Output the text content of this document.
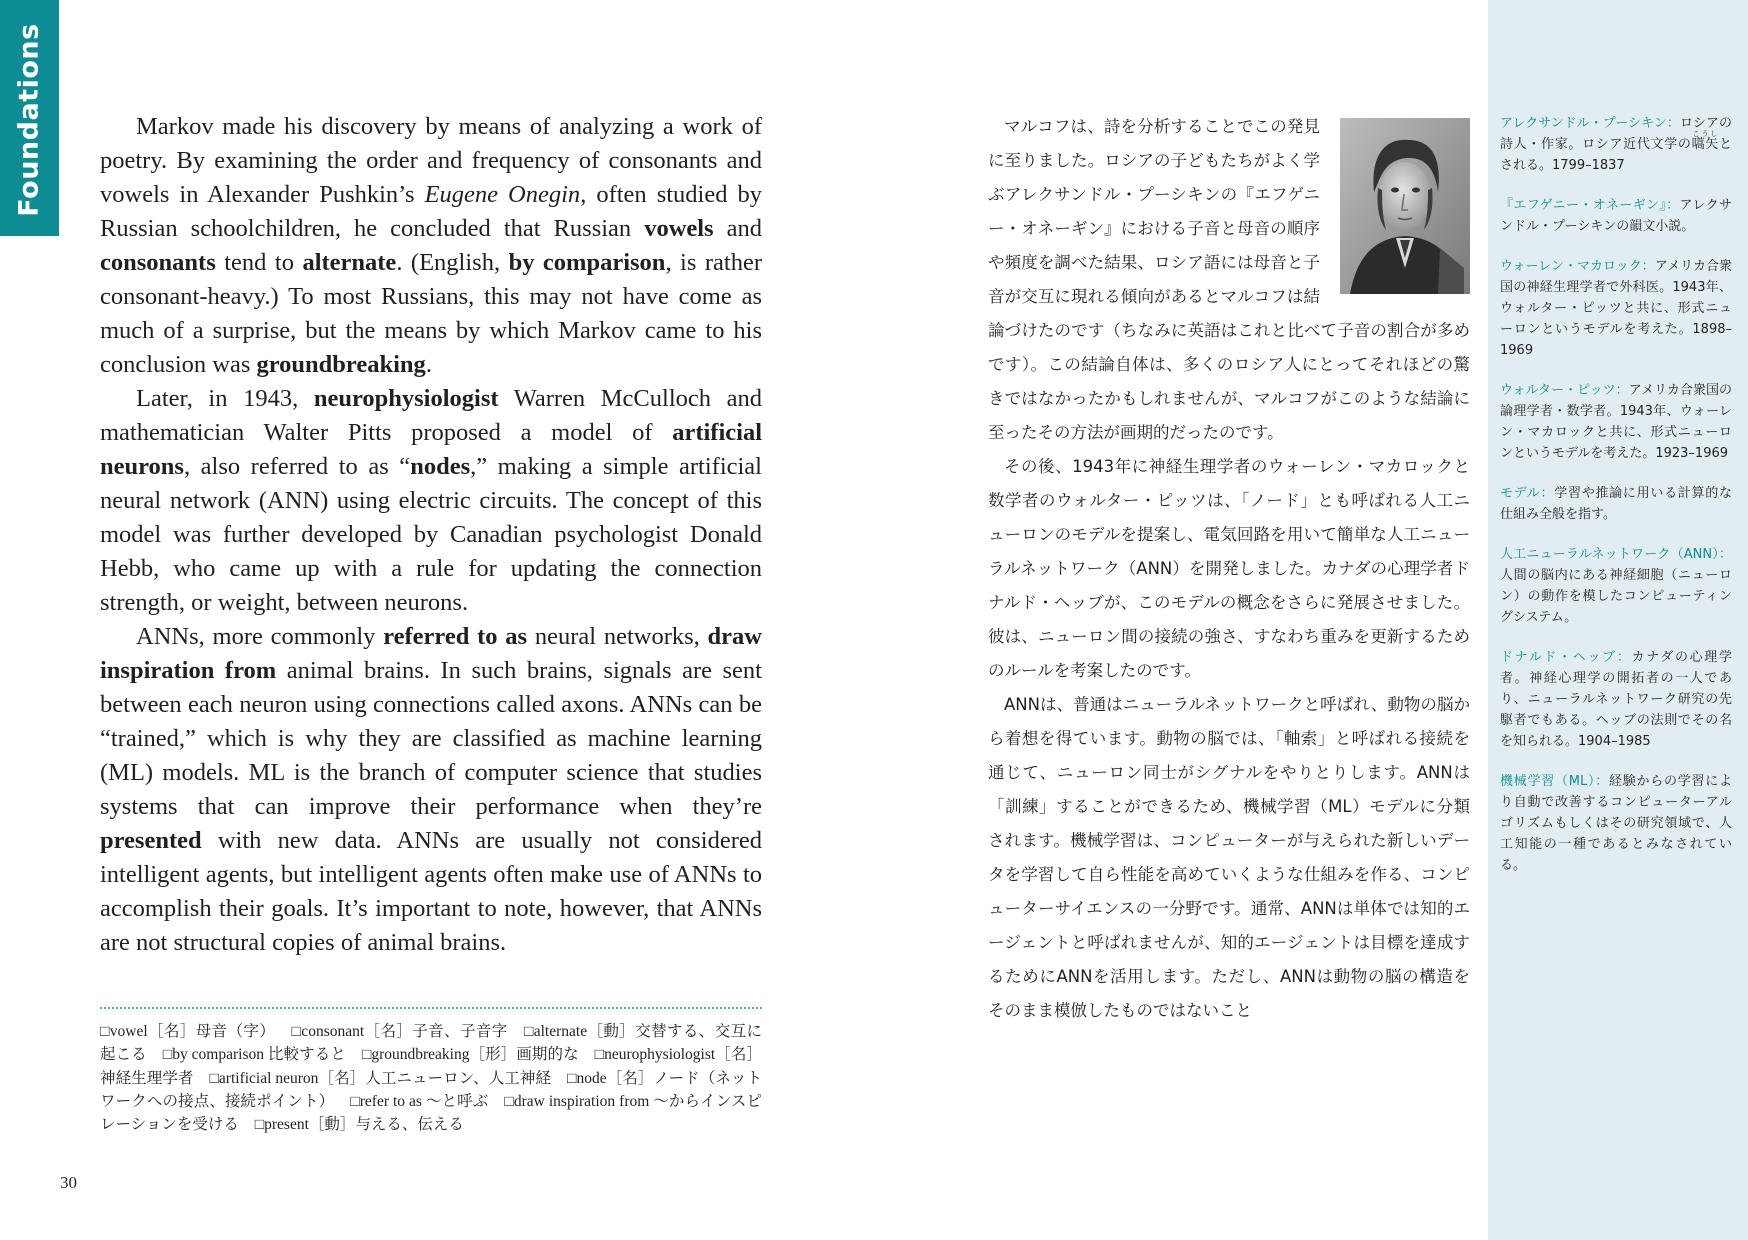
Foundations	Markov made his discovery by means of analyzing a work of poetry. By examining the order and frequency of consonants and vowels in Alexander Pushkin’s Eugene Onegin, often studied by Russian schoolchildren, he concluded that Russian vowels and consonants tend to alternate. (English, by comparison, is rather consonant-heavy.) To most Russians, this may not have come as much of a surprise, but the means by which Markov came to his conclusion was groundbreaking.

Later, in 1943, neurophysiologist Warren McCulloch and mathematician Walter Pitts proposed a model of artificial neurons, also referred to as “nodes,” making a simple artificial neural network (ANN) using electric circuits. The concept of this model was further developed by Canadian psychologist Donald Hebb, who came up with a rule for updating the connection strength, or weight, between neurons.

ANNs, more commonly referred to as neural networks, draw inspiration from animal brains. In such brains, signals are sent between each neuron using connections called axons. ANNs can be “trained,” which is why they are classified as machine learning (ML) models. ML is the branch of computer science that studies systems that can improve their performance when they’re presented with new data. ANNs are usually not considered intelligent agents, but intelligent agents often make use of ANNs to accomplish their goals. It’s important to note, however, that ANNs are not structural copies of animal brains.

□vowel［名］母音（字） □consonant［名］子音、子音字 □alternate［動］交替する、交互に起こる □by comparison 比較すると □groundbreaking［形］画期的な □neurophysiologist［名］神経生理学者 □artificial neuron［名］人工ニューロン、人工神経 □node［名］ノード（ネットワークへの接点、接続ポイント） □refer to as 〜と呼ぶ □draw inspiration from 〜からインスピレーションを受ける □present［動］与える、伝える
30

マルコフは、詩を分析することでこの発見に至りました。ロシアの子どもたちがよく学ぶアレクサンドル・プーシキンの『エフゲニー・オネーギン』における子音と母音の順序や頻度を調べた結果、ロシア語には母音と子音が交互に現れる傾向があるとマルコフは結論づけたのです（ちなみに英語はこれと比べて子音の割合が多めです）。この結論自体は、多くのロシア人にとってそれほどの驚きではなかったかもしれませんが、マルコフがこのような結論に至ったその方法が画期的だったのです。

その後、1943年に神経生理学者のウォーレン・マカロックと数学者のウォルター・ピッツは、「ノード」とも呼ばれる人工ニューロンのモデルを提案し、電気回路を用いて簡単な人工ニューラルネットワーク（ANN）を開発しました。カナダの心理学者ドナルド・ヘッブが、このモデルの概念をさらに発展させました。彼は、ニューロン間の接続の強さ、すなわち重みを更新するためのルールを考案したのです。

ANNは、普通はニューラルネットワークと呼ばれ、動物の脳から着想を得ています。動物の脳では、「軸索」と呼ばれる接続を通じて、ニューロン同士がシグナルをやりとりします。ANNは「訓練」することができるため、機械学習（ML）モデルに分類されます。機械学習は、コンピューターが与えられた新しいデータを学習して自ら性能を高めていくような仕組みを作る、コンピューターサイエンスの一分野です。通常、ANNは単体では知的エージェントと呼ばれませんが、知的エージェントは目標を達成するためにANNを活用します。ただし、ANNは動物の脳の構造をそのまま模倣したものではないこと

アレクサンドル・プーシキン：ロシアの詩人・作家。ロシア近代文学の嚆矢こうしとされる。1799–1837
『エフゲニー・オネーギン』：アレクサンドル・プーシキンの韻文小説。
ウォーレン・マカロック：アメリカ合衆国の神経生理学者で外科医。1943年、ウォルター・ピッツと共に、形式ニューロンというモデルを考えた。1898–1969
ウォルター・ピッツ：アメリカ合衆国の論理学者・数学者。1943年、ウォーレン・マカロックと共に、形式ニューロンというモデルを考えた。1923–1969
モデル：学習や推論に用いる計算的な仕組み全般を指す。
人工ニューラルネットワーク（ANN）：人間の脳内にある神経細胞（ニューロン）の動作を模したコンピューティングシステム。
ドナルド・ヘッブ：カナダの心理学者。神経心理学の開拓者の一人であり、ニューラルネットワーク研究の先駆者でもある。ヘッブの法則でその名を知られる。1904–1985
機械学習（ML）：経験からの学習により自動で改善するコンピューターアルゴリズムもしくはその研究領域で、人工知能の一種であるとみなされている。
